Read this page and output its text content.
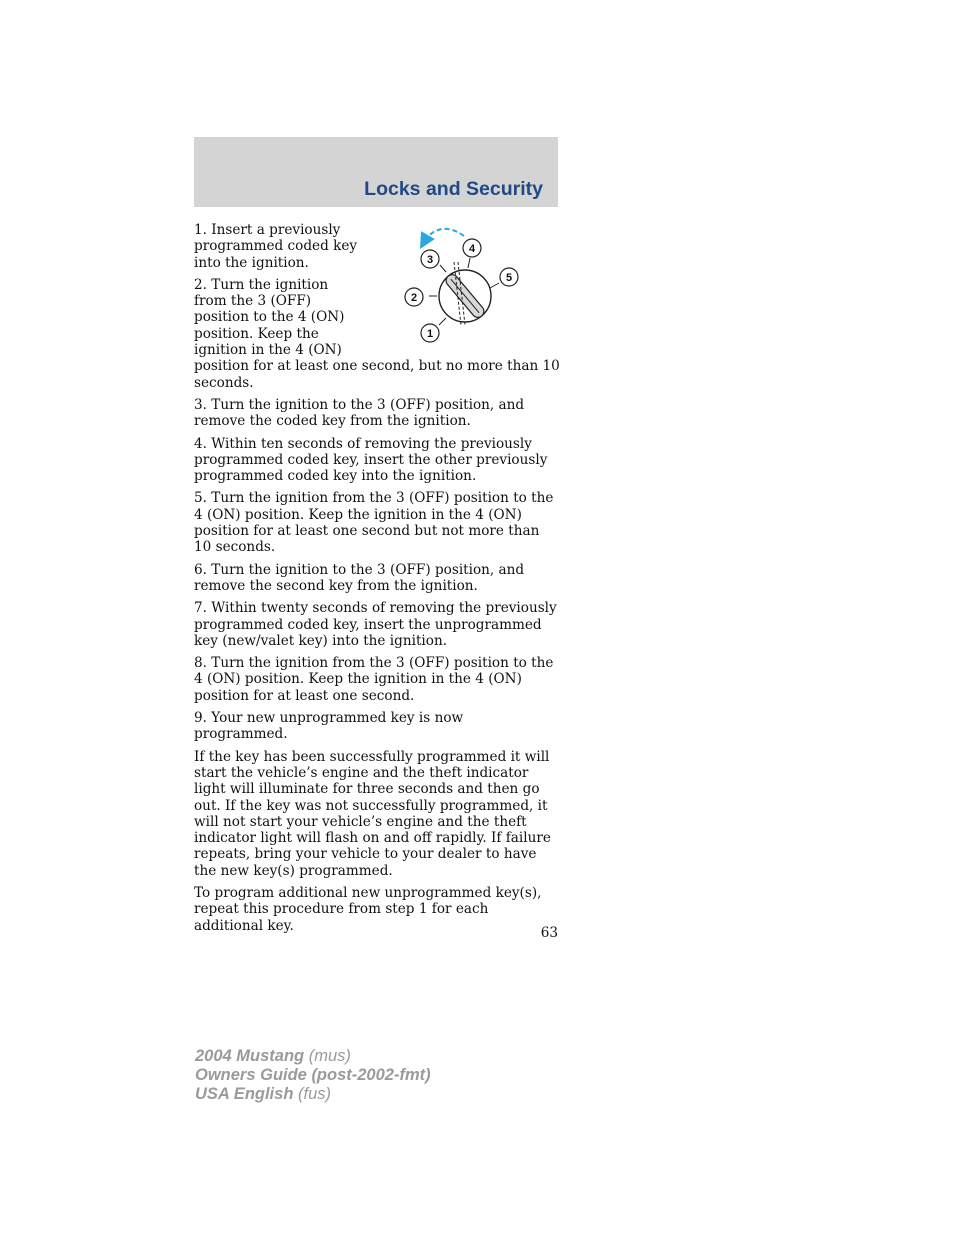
Locks and Security
3
4
5
2
1

1. Insert a previously programmed coded key into the ignition.

2. Turn the ignition from the 3 (OFF) position to the 4 (ON) position. Keep the ignition in the 4 (ON)

position for at least one second, but no more than 10 seconds.

3. Turn the ignition to the 3 (OFF) position, and remove the coded key from the ignition.

4. Within ten seconds of removing the previously programmed coded key, insert the other previously programmed coded key into the ignition.

5. Turn the ignition from the 3 (OFF) position to the 4 (ON) position. Keep the ignition in the 4 (ON) position for at least one second but not more than 10 seconds.

6. Turn the ignition to the 3 (OFF) position, and remove the second key from the ignition.

7. Within twenty seconds of removing the previously programmed coded key, insert the unprogrammed key (new/valet key) into the ignition.

8. Turn the ignition from the 3 (OFF) position to the 4 (ON) position. Keep the ignition in the 4 (ON) position for at least one second.

9. Your new unprogrammed key is now programmed.

If the key has been successfully programmed it will start the vehicle’s engine and the theft indicator light will illuminate for three seconds and then go out. If the key was not successfully programmed, it will not start your vehicle’s engine and the theft indicator light will flash on and off rapidly. If failure repeats, bring your vehicle to your dealer to have the new key(s) programmed.

To program additional new unprogrammed key(s), repeat this procedure from step 1 for each additional key.	63
2004 Mustang (mus)
Owners Guide (post-2002-fmt)
USA English (fus)
